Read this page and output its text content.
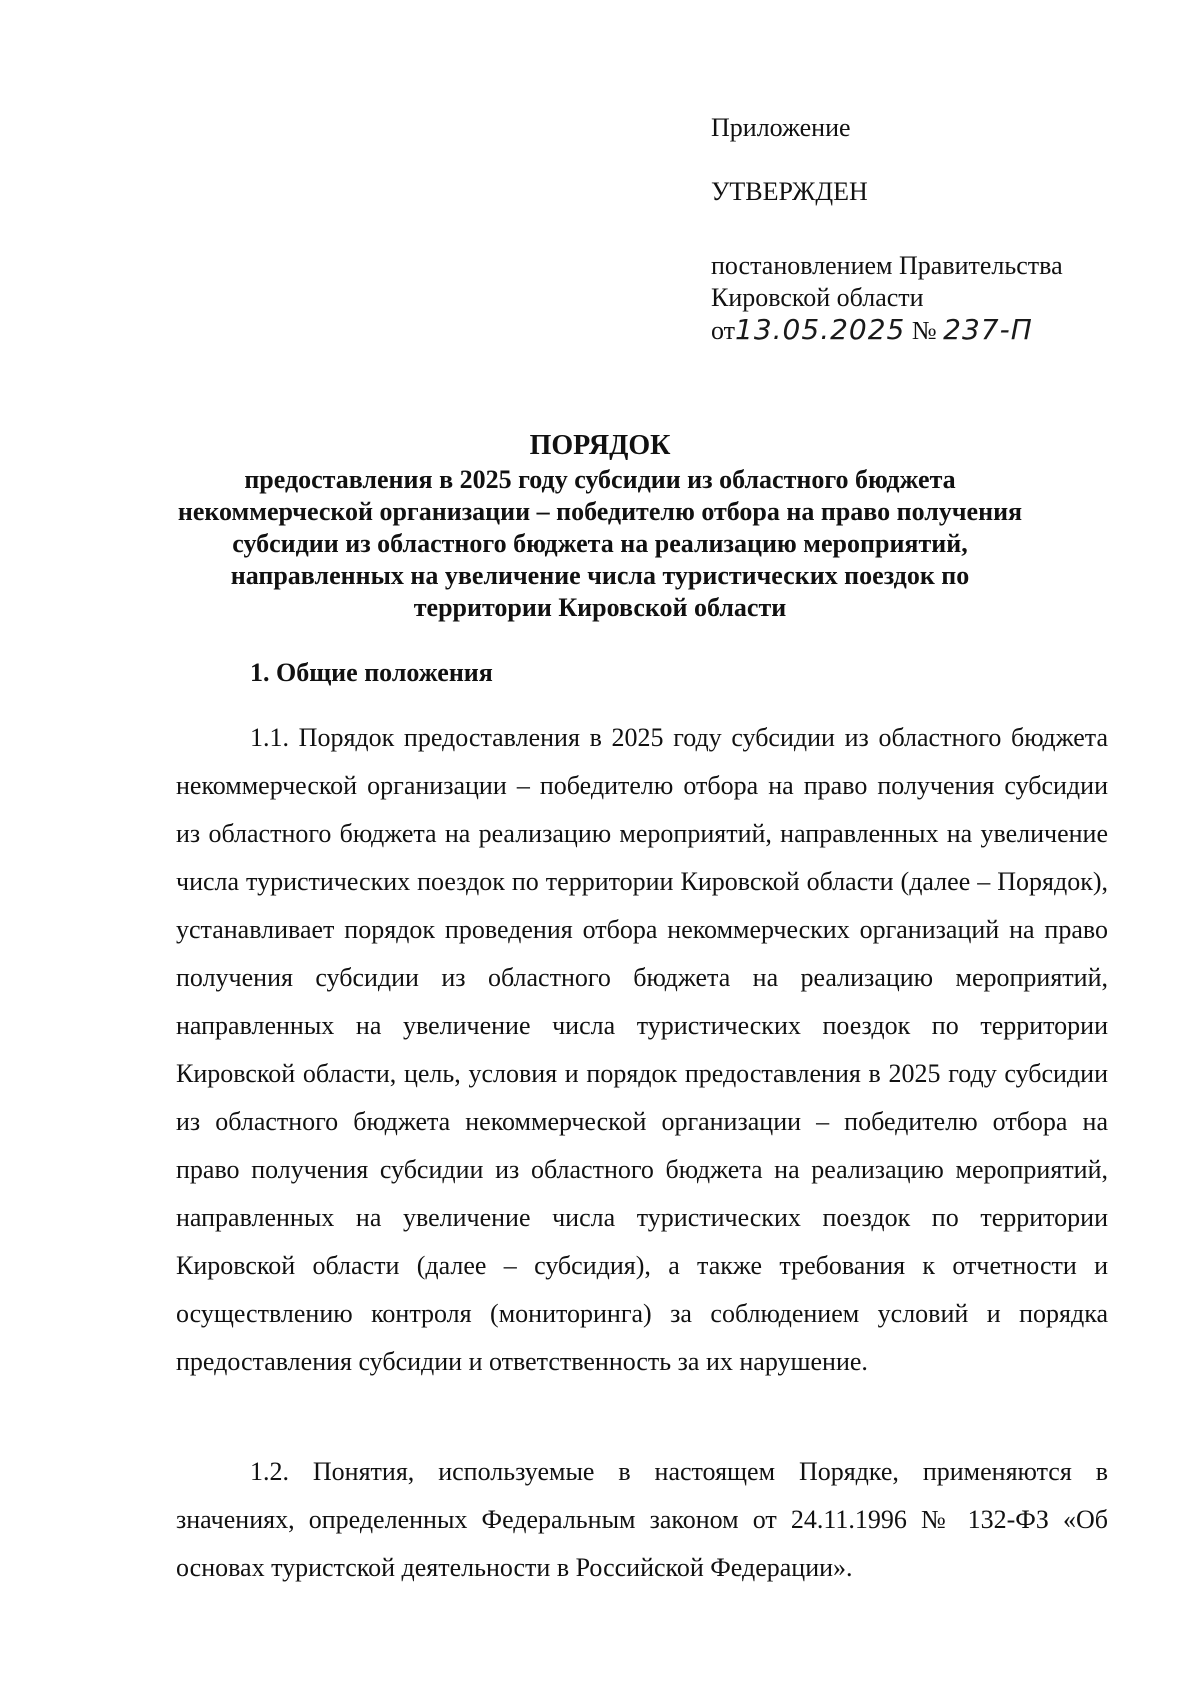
Приложение
УТВЕРЖДЕН
постановлением Правительства
Кировской области
от13.05.2025 № 237-П
ПОРЯДОК
предоставления в 2025 году субсидии из областного бюджета
некоммерческой организации – победителю отбора на право получения
субсидии из областного бюджета на реализацию мероприятий,
направленных на увеличение числа туристических поездок по
территории Кировской области
1. Общие положения

1.1. Порядок предоставления в 2025 году субсидии из областного бюджета некоммерческой организации – победителю отбора на право получения субсидии из областного бюджета на реализацию мероприятий, направленных на увеличение числа туристических поездок по территории Кировской области (далее – Порядок), устанавливает порядок проведения отбора некоммерческих организаций на право получения субсидии из областного бюджета на реализацию мероприятий, направленных на увеличение числа туристических поездок по территории Кировской области, цель, условия и порядок предоставления в 2025 году субсидии из областного бюджета некоммерческой организации – победителю отбора на право получения субсидии из областного бюджета на реализацию мероприятий, направленных на увеличение числа туристических поездок по территории Кировской области (далее – субсидия), а также требования к отчетности и осуществлению контроля (мониторинга) за соблюдением условий и порядка предоставления субсидии и ответственность за их нарушение.

1.2. Понятия, используемые в настоящем Порядке, применяются в значениях, определенных Федеральным законом от 24.11.1996 № 132-ФЗ «Об основах туристской деятельности в Российской Федерации».
